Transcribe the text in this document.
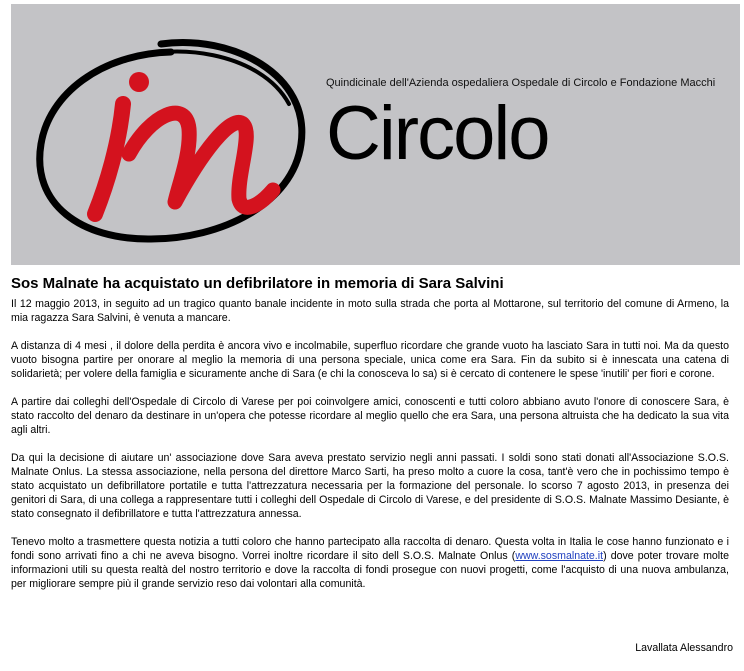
Quindicinale dell'Azienda ospedaliera Ospedale di Circolo e Fondazione Macchi
Circolo
Sos Malnate ha acquistato un defibrilatore in memoria di Sara Salvini

Il 12 maggio 2013, in seguito ad un tragico quanto banale incidente in moto sulla strada che porta al Mottarone, sul territorio del comune di Armeno, la mia ragazza Sara Salvini, è venuta a mancare.

A distanza di 4 mesi , il dolore della perdita è ancora vivo e incolmabile, superfluo ricordare che grande vuoto ha lasciato Sara in tutti noi. Ma da questo vuoto bisogna partire per onorare al meglio la memoria di una persona speciale, unica come era Sara. Fin da subito si è innescata una catena di solidarietà; per volere della famiglia e sicuramente anche di Sara (e chi la conosceva lo sa) si è cercato di contenere le spese 'inutili' per fiori e corone.

A partire dai colleghi dell'Ospedale di Circolo di Varese per poi coinvolgere amici, conoscenti e tutti coloro abbiano avuto l'onore di conoscere Sara, è stato raccolto del denaro da destinare in un'opera che potesse ricordare al meglio quello che era Sara, una persona altruista che ha dedicato la sua vita agli altri.

Da qui la decisione di aiutare un' associazione dove Sara aveva prestato servizio negli anni passati. I soldi sono stati donati all'Associazione S.O.S. Malnate Onlus. La stessa associazione, nella persona del direttore Marco Sarti, ha preso molto a cuore la cosa, tant'è vero che in pochissimo tempo è stato acquistato un defibrillatore portatile e tutta l'attrezzatura necessaria per la formazione del personale. lo scorso 7 agosto 2013, in presenza dei genitori di Sara, di una collega a rappresentare tutti i colleghi dell Ospedale di Circolo di Varese, e del presidente di S.O.S. Malnate Massimo Desiante, è stato consegnato il defibrillatore e tutta l'attrezzatura annessa.

Tenevo molto a trasmettere questa notizia a tutti coloro che hanno partecipato alla raccolta di denaro. Questa volta in Italia le cose hanno funzionato e i fondi sono arrivati fino a chi ne aveva bisogno. Vorrei inoltre ricordare il sito dell S.O.S. Malnate Onlus (www.sosmalnate.it) dove poter trovare molte informazioni utili su questa realtà del nostro territorio e dove la raccolta di fondi prosegue con nuovi progetti, come l'acquisto di una nuova ambulanza, per migliorare sempre più il grande servizio reso dai volontari alla comunità.

Lavallata Alessandro
